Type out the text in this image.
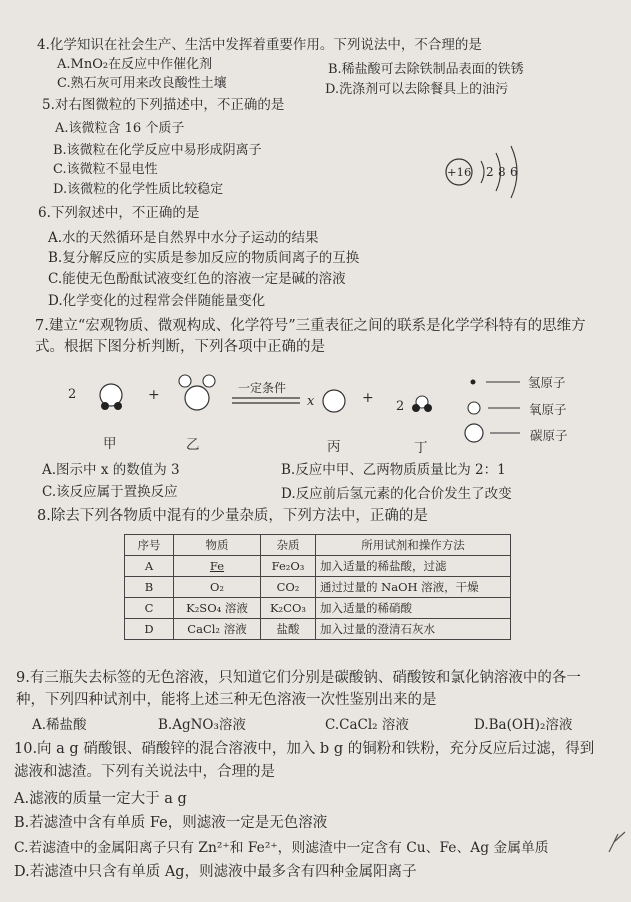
4.化学知识在社会生产、生活中发挥着重要作用。下列说法中，不合理的是
A.MnO₂在反应中作催化剂	B.稀盐酸可去除铁制品表面的铁锈
C.熟石灰可用来改良酸性土壤	D.洗涤剂可以去除餐具上的油污
5.对右图微粒的下列描述中，不正确的是
A.该微粒含 16 个质子
B.该微粒在化学反应中易形成阴离子
C.该微粒不显电性
D.该微粒的化学性质比较稳定
+16 2 8 6
6.下列叙述中，不正确的是
A.水的天然循环是自然界中水分子运动的结果
B.复分解反应的实质是参加反应的物质间离子的互换
C.能使无色酚酞试液变红色的溶液一定是碱的溶液
D.化学变化的过程常会伴随能量变化
7.建立“宏观物质、微观构成、化学符号”三重表征之间的联系是化学学科特有的思维方
式。根据下图分析判断，下列各项中正确的是
2	+	一定条件
x	+
2
甲	乙	丙	丁
氢原子
氧原子
碳原子
A.图示中 x 的数值为 3	B.反应中甲、乙两物质质量比为 2：1
C.该反应属于置换反应	D.反应前后氢元素的化合价发生了改变
8.除去下列各物质中混有的少量杂质，下列方法中，正确的是
序号	物质	杂质	所用试剂和操作方法
A	Fe	Fe₂O₃	加入适量的稀盐酸，过滤
B	O₂	CO₂	通过过量的 NaOH 溶液，干燥
C	K₂SO₄ 溶液	K₂CO₃	加入适量的稀硝酸
D	CaCl₂ 溶液	盐酸	加入过量的澄清石灰水
9.有三瓶失去标签的无色溶液，只知道它们分别是碳酸钠、硝酸铵和氯化钠溶液中的各一
种，下列四种试剂中，能将上述三种无色溶液一次性鉴别出来的是
A.稀盐酸	B.AgNO₃溶液	C.CaCl₂ 溶液	D.Ba(OH)₂溶液
10.向 a g 硝酸银、硝酸锌的混合溶液中，加入 b g 的铜粉和铁粉，充分反应后过滤，得到
滤液和滤渣。下列有关说法中，合理的是
A.滤液的质量一定大于 a g
B.若滤渣中含有单质 Fe，则滤液一定是无色溶液
C.若滤渣中的金属阳离子只有 Zn²⁺和 Fe²⁺，则滤渣中一定含有 Cu、Fe、Ag 金属单质
D.若滤渣中只含有单质 Ag，则滤液中最多含有四种金属阳离子
